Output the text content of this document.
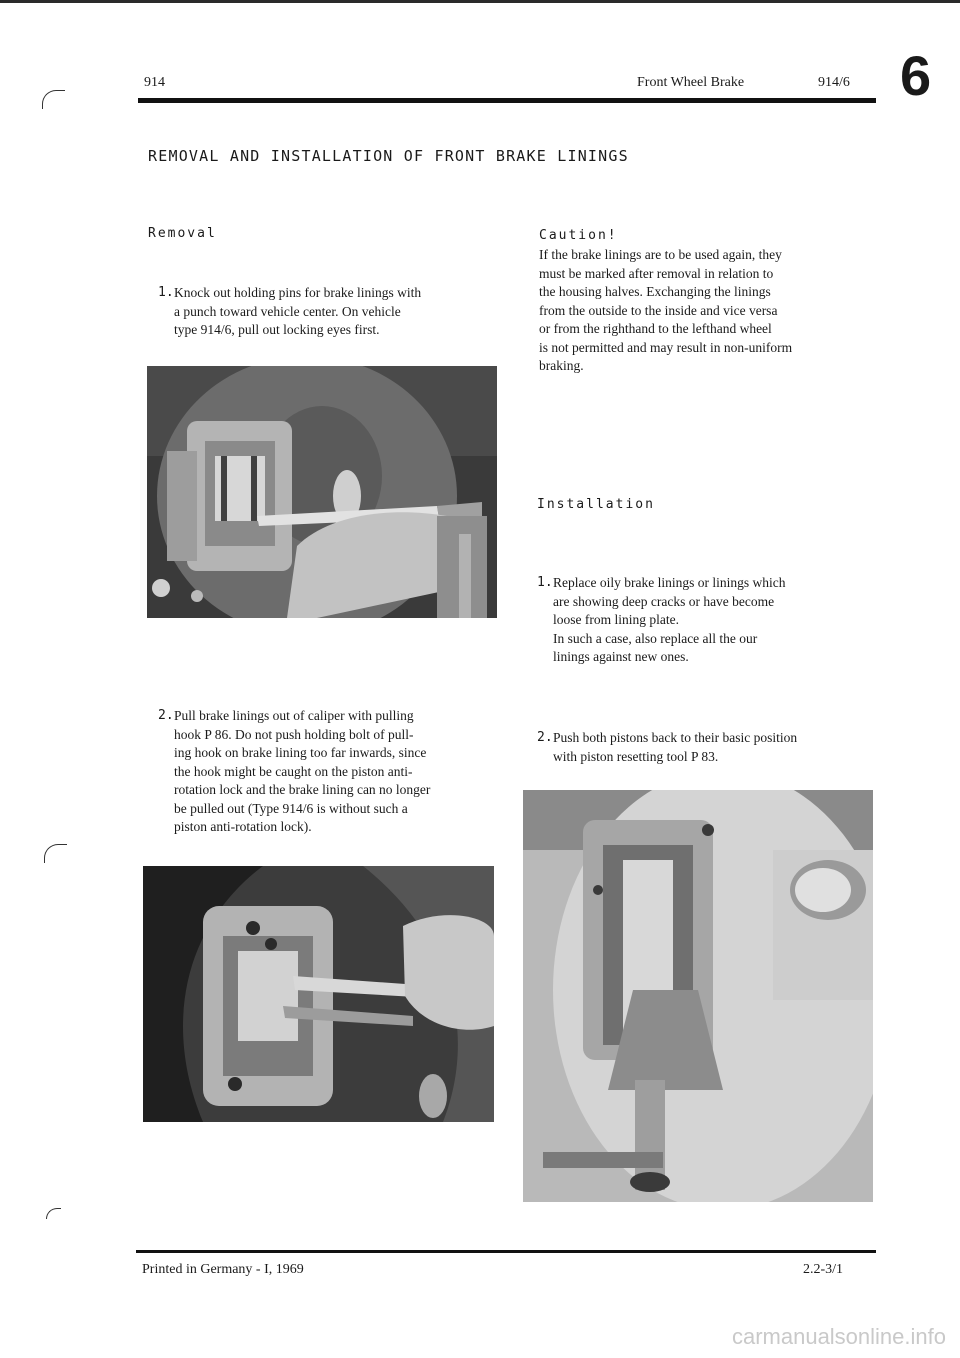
914	Front Wheel Brake	914/6 6
REMOVAL AND INSTALLATION OF FRONT BRAKE LININGS
Removal
1. Knock out holding pins for brake linings with
a punch toward vehicle center. On vehicle
type 914/6, pull out locking eyes first.
2. Pull brake linings out of caliper with pulling
hook P 86. Do not push holding bolt of pull-
ing hook on brake lining too far inwards, since
the hook might be caught on the piston anti-
rotation lock and the brake lining can no longer
be pulled out (Type 914/6 is without such a
piston anti-rotation lock).
Caution!
If the brake linings are to be used again, they
must be marked after removal in relation to
the housing halves. Exchanging the linings
from the outside to the inside and vice versa
or from the righthand to the lefthand wheel
is not permitted and may result in non-uniform
braking.
Installation
1. Replace oily brake linings or linings which
are showing deep cracks or have become
loose from lining plate.
In such a case, also replace all the our
linings against new ones.
2. Push both pistons back to their basic position
with piston resetting tool P 83.
Printed in Germany - I, 1969	2.2-3/1
carmanualsonline.info
